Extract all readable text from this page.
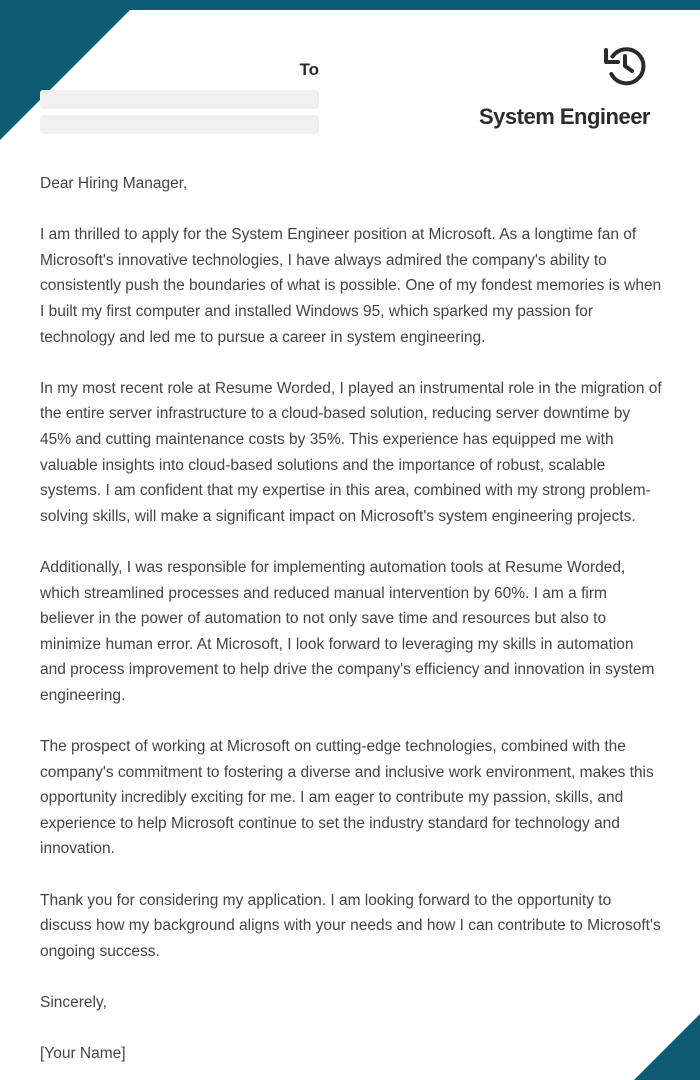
To
System Engineer

Dear Hiring Manager,

I am thrilled to apply for the System Engineer position at Microsoft. As a longtime fan of Microsoft's innovative technologies, I have always admired the company's ability to consistently push the boundaries of what is possible. One of my fondest memories is when I built my first computer and installed Windows 95, which sparked my passion for technology and led me to pursue a career in system engineering.

In my most recent role at Resume Worded, I played an instrumental role in the migration of the entire server infrastructure to a cloud-based solution, reducing server downtime by 45% and cutting maintenance costs by 35%. This experience has equipped me with valuable insights into cloud-based solutions and the importance of robust, scalable systems. I am confident that my expertise in this area, combined with my strong problem-solving skills, will make a significant impact on Microsoft's system engineering projects.

Additionally, I was responsible for implementing automation tools at Resume Worded, which streamlined processes and reduced manual intervention by 60%. I am a firm believer in the power of automation to not only save time and resources but also to minimize human error. At Microsoft, I look forward to leveraging my skills in automation and process improvement to help drive the company's efficiency and innovation in system engineering.

The prospect of working at Microsoft on cutting-edge technologies, combined with the company's commitment to fostering a diverse and inclusive work environment, makes this opportunity incredibly exciting for me. I am eager to contribute my passion, skills, and experience to help Microsoft continue to set the industry standard for technology and innovation.

Thank you for considering my application. I am looking forward to the opportunity to discuss how my background aligns with your needs and how I can contribute to Microsoft's ongoing success.

Sincerely,

[Your Name]
